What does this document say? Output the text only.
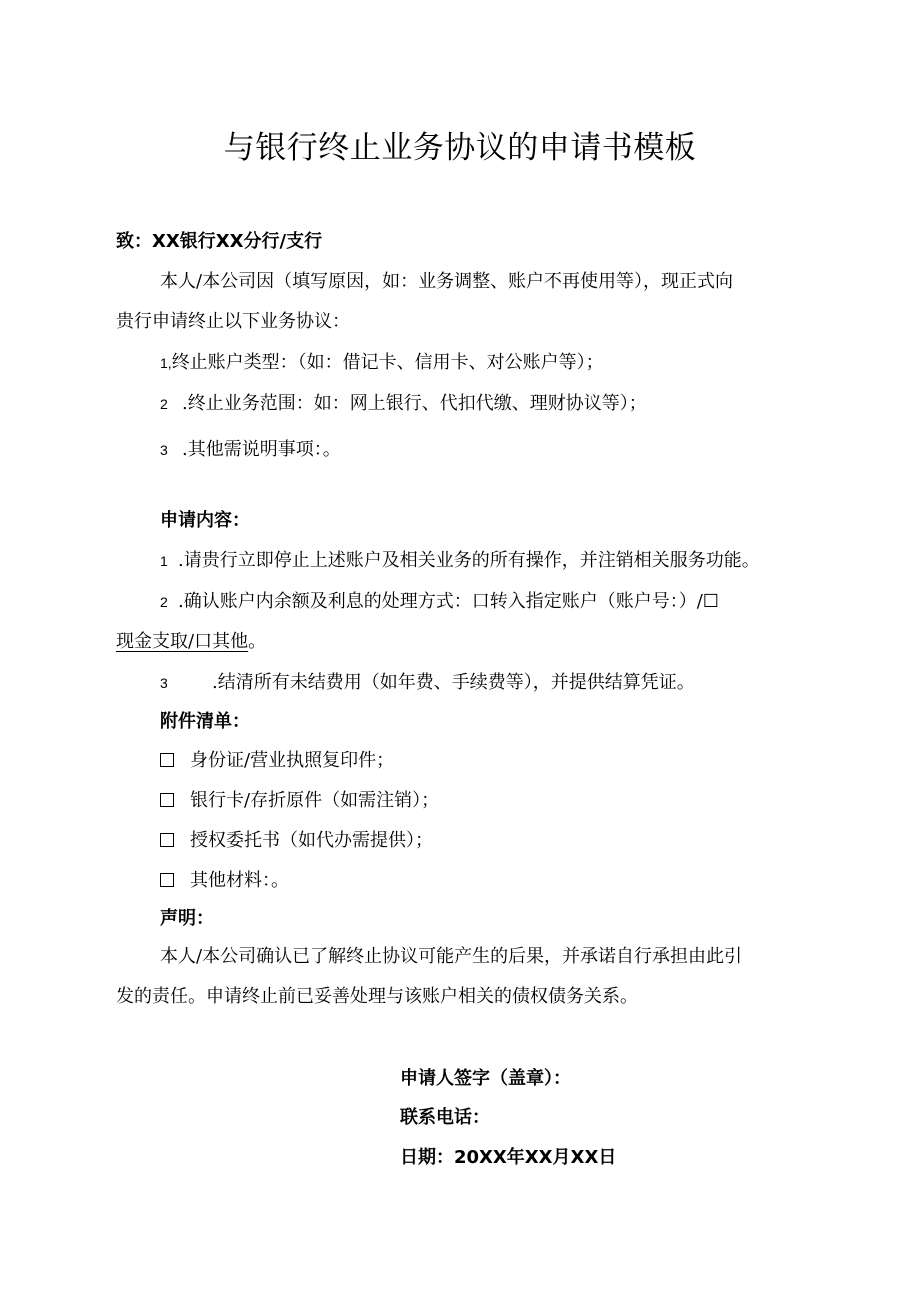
与银行终止业务协议的申请书模板
致：XX银行XX分行/支行
本人/本公司因（填写原因，如：业务调整、账户不再使用等），现正式向
贵行申请终止以下业务协议：
1,终止账户类型：（如：借记卡、信用卡、对公账户等）；
2 .终止业务范围：如：网上银行、代扣代缴、理财协议等）；
3 .其他需说明事项：。
申请内容：
1 .请贵行立即停止上述账户及相关业务的所有操作，并注销相关服务功能。
2 .确认账户内余额及利息的处理方式：口转入指定账户（账户号：）/☐
现金支取/口其他。
3 .结清所有未结费用（如年费、手续费等），并提供结算凭证。
附件清单：
身份证/营业执照复印件；
银行卡/存折原件（如需注销）；
授权委托书（如代办需提供）；
其他材料：。
声明：
本人/本公司确认已了解终止协议可能产生的后果，并承诺自行承担由此引
发的责任。申请终止前已妥善处理与该账户相关的债权债务关系。
申请人签字（盖章）：
联系电话：
日期：20XX年XX月XX日
